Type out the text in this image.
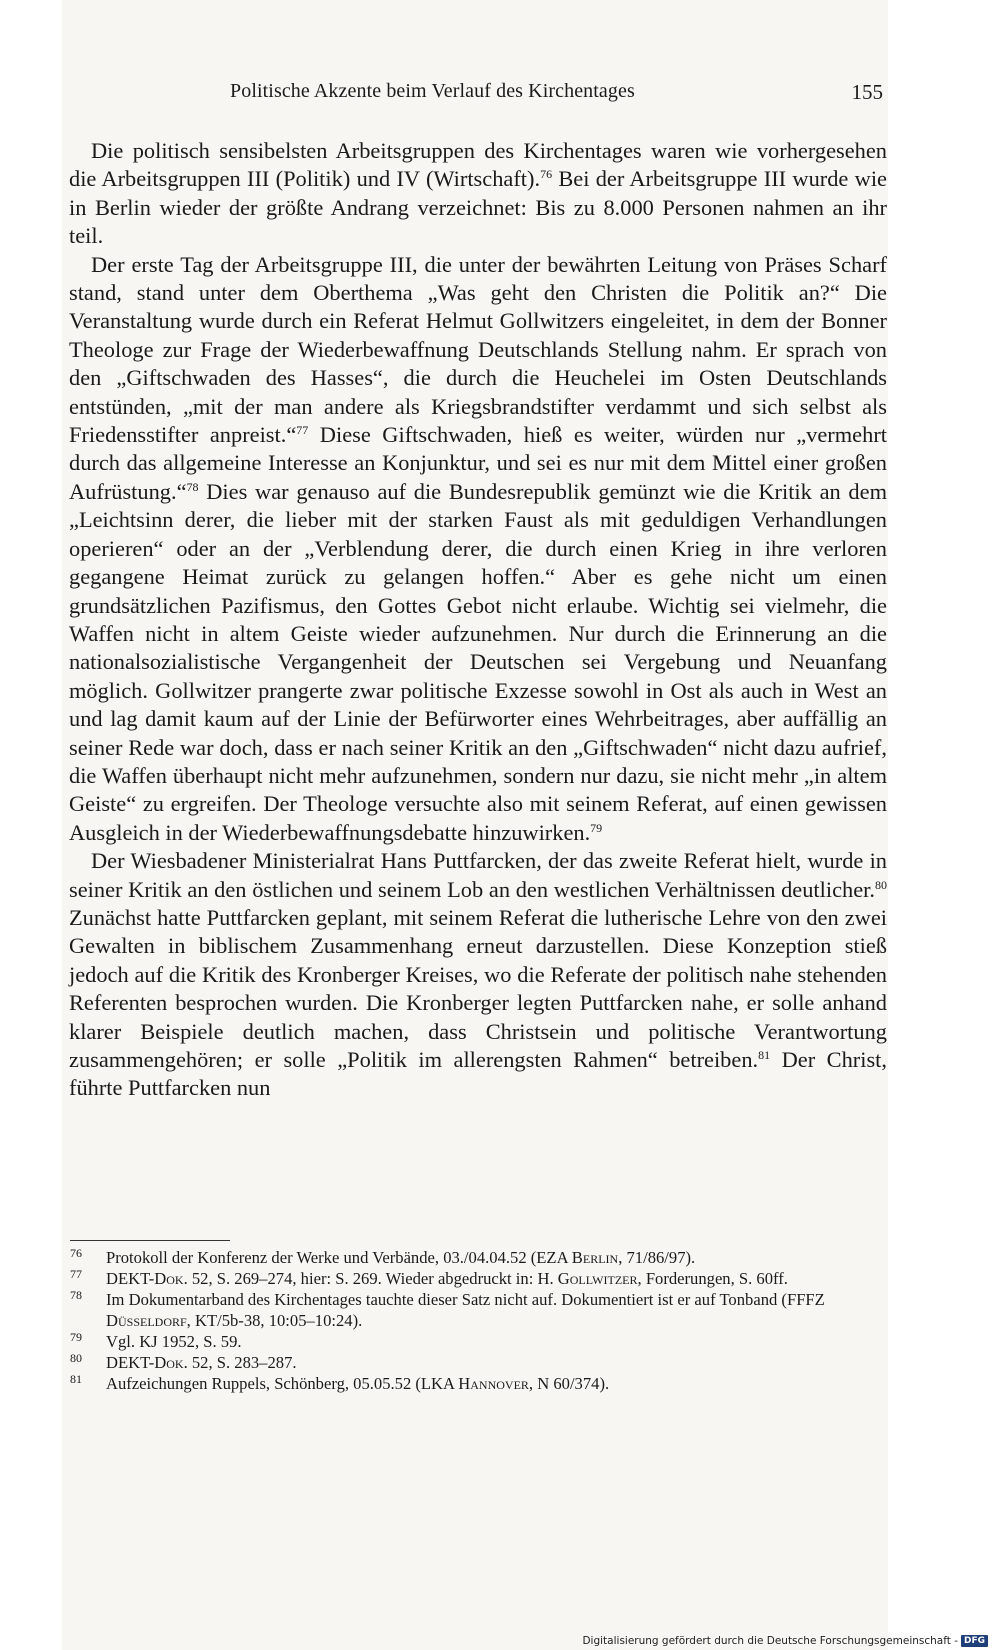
Politische Akzente beim Verlauf des Kirchentages	155

Die politisch sensibelsten Arbeitsgruppen des Kirchentages waren wie vorhergesehen die Arbeitsgruppen III (Politik) und IV (Wirtschaft).$^{76}$ Bei der Arbeitsgruppe III wurde wie in Berlin wieder der größte Andrang verzeichnet: Bis zu 8.000 Personen nahmen an ihr teil.

Der erste Tag der Arbeitsgruppe III, die unter der bewährten Leitung von Präses Scharf stand, stand unter dem Oberthema „Was geht den Christen die Politik an?“ Die Veranstaltung wurde durch ein Referat Helmut Gollwitzers eingeleitet, in dem der Bonner Theologe zur Frage der Wiederbewaffnung Deutschlands Stellung nahm. Er sprach von den „Giftschwaden des Hasses“, die durch die Heuchelei im Osten Deutschlands entstünden, „mit der man andere als Kriegsbrandstifter verdammt und sich selbst als Friedensstifter anpreist.“$^{77}$ Diese Giftschwaden, hieß es weiter, würden nur „vermehrt durch das allgemeine Interesse an Konjunktur, und sei es nur mit dem Mittel einer großen Aufrüstung.“$^{78}$ Dies war genauso auf die Bundesrepublik gemünzt wie die Kritik an dem „Leichtsinn derer, die lieber mit der starken Faust als mit geduldigen Verhandlungen operieren“ oder an der „Verblendung derer, die durch einen Krieg in ihre verloren gegangene Heimat zurück zu gelangen hoffen.“ Aber es gehe nicht um einen grundsätzlichen Pazifismus, den Gottes Gebot nicht erlaube. Wichtig sei vielmehr, die Waffen nicht in altem Geiste wieder aufzunehmen. Nur durch die Erinnerung an die nationalsozialistische Vergangenheit der Deutschen sei Vergebung und Neuanfang möglich. Gollwitzer prangerte zwar politische Exzesse sowohl in Ost als auch in West an und lag damit kaum auf der Linie der Befürworter eines Wehrbeitrages, aber auffällig an seiner Rede war doch, dass er nach seiner Kritik an den „Giftschwaden“ nicht dazu aufrief, die Waffen überhaupt nicht mehr aufzunehmen, sondern nur dazu, sie nicht mehr „in altem Geiste“ zu ergreifen. Der Theologe versuchte also mit seinem Referat, auf einen gewissen Ausgleich in der Wiederbewaffnungsdebatte hinzuwirken.$^{79}$

Der Wiesbadener Ministerialrat Hans Puttfarcken, der das zweite Referat hielt, wurde in seiner Kritik an den östlichen und seinem Lob an den westlichen Verhältnissen deutlicher.$^{80}$ Zunächst hatte Puttfarcken geplant, mit seinem Referat die lutherische Lehre von den zwei Gewalten in biblischem Zusammenhang erneut darzustellen. Diese Konzeption stieß jedoch auf die Kritik des Kronberger Kreises, wo die Referate der politisch nahe stehenden Referenten besprochen wurden. Die Kronberger legten Puttfarcken nahe, er solle anhand klarer Beispiele deutlich machen, dass Christsein und politische Verantwortung zusammengehören; er solle „Politik im allerengsten Rahmen“ betreiben.$^{81}$ Der Christ, führte Puttfarcken nun

76 Protokoll der Konferenz der Werke und Verbände, 03./04.04.52 (EZA Berlin, 71/86/97).
77 DEKT-Dok. 52, S. 269–274, hier: S. 269. Wieder abgedruckt in: H. Gollwitzer, Forderungen, S. 60ff.
78 Im Dokumentarband des Kirchentages tauchte dieser Satz nicht auf. Dokumentiert ist er auf Tonband (FFFZ Düsseldorf, KT/5b-38, 10:05–10:24).
79 Vgl. KJ 1952, S. 59.
80 DEKT-Dok. 52, S. 283–287.
81 Aufzeichungen Ruppels, Schönberg, 05.05.52 (LKA Hannover, N 60/374).
Digitalisierung gefördert durch die Deutsche Forschungsgemeinschaft - DFG
